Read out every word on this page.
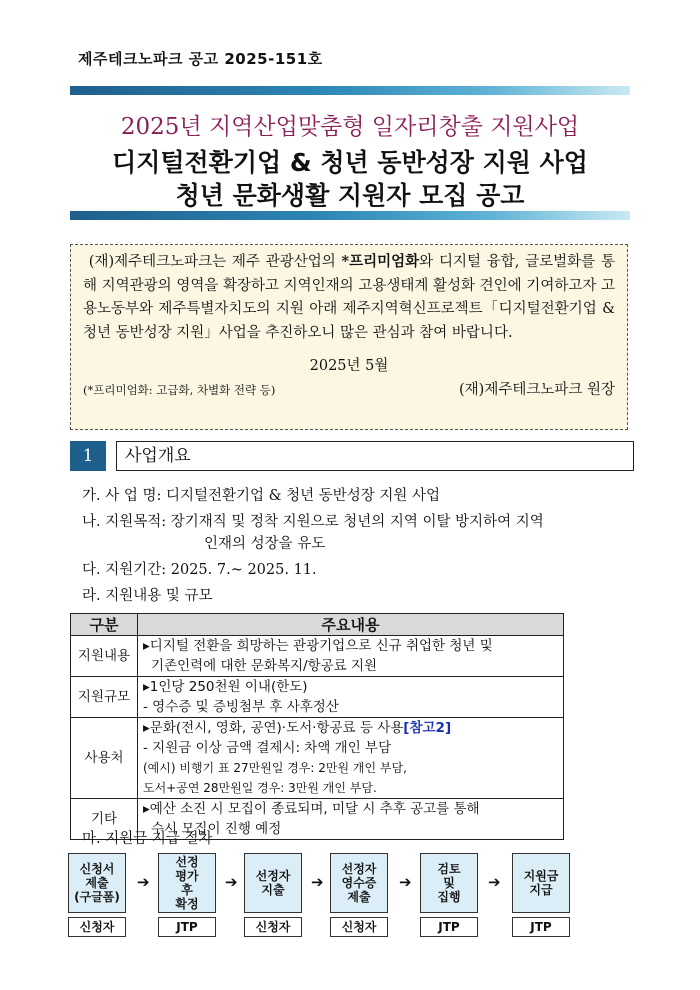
제주테크노파크 공고 2025-151호
2025년 지역산업맞춤형 일자리창출 지원사업
디지털전환기업 & 청년 동반성장 지원 사업
청년 문화생활 지원자 모집 공고

(재)제주테크노파크는 제주 관광산업의 *프리미엄화와 디지털 융합, 글로벌화를 통해 지역관광의 영역을 확장하고 지역인재의 고용생태계 활성화 견인에 기여하고자 고용노동부와 제주특별자치도의 지원 아래 제주지역혁신프로젝트「디지털전환기업 & 청년 동반성장 지원」사업을 추진하오니 많은 관심과 참여 바랍니다.

2025년 5월
(*프리미엄화: 고급화, 차별화 전략 등)	(재)제주테크노파크 원장
1	사업개요
가. 사 업 명: 디지털전환기업 & 청년 동반성장 지원 사업
나. 지원목적: 장기재직 및 정착 지원으로 청년의 지역 이탈 방지하여 지역
인재의 성장을 유도
다. 지원기간: 2025. 7.~ 2025. 11.
라. 지원내용 및 규모
구분	주요내용
지원내용	▸디지털 전환을 희망하는 관광기업으로 신규 취업한 청년 및
기존인력에 대한 문화복지/항공료 지원

지원규모	▸1인당 250천원 이내(한도)
- 영수증 및 증빙첨부 후 사후정산

사용처	▸문화(전시, 영화, 공연)·도서·항공료 등 사용[참고2]
- 지원금 이상 금액 결제시: 차액 개인 부담
(예시) 비행기 표 27만원일 경우: 2만원 개인 부담,
도서+공연 28만원일 경우: 3만원 개인 부담.

기타	▸예산 소진 시 모집이 종료되며, 미달 시 추후 공고를 통해
수시 모집이 진행 예정
마. 지원금 지급 절차
신청서
제출
(구글폼)
신청자
➔
선정
평가
후
확정
JTP
➔ 선정자
지출
신청자
➔
선정자
영수증
제출
신청자
➔
검토
및
집행
JTP
➔ 지원금
지급
JTP
